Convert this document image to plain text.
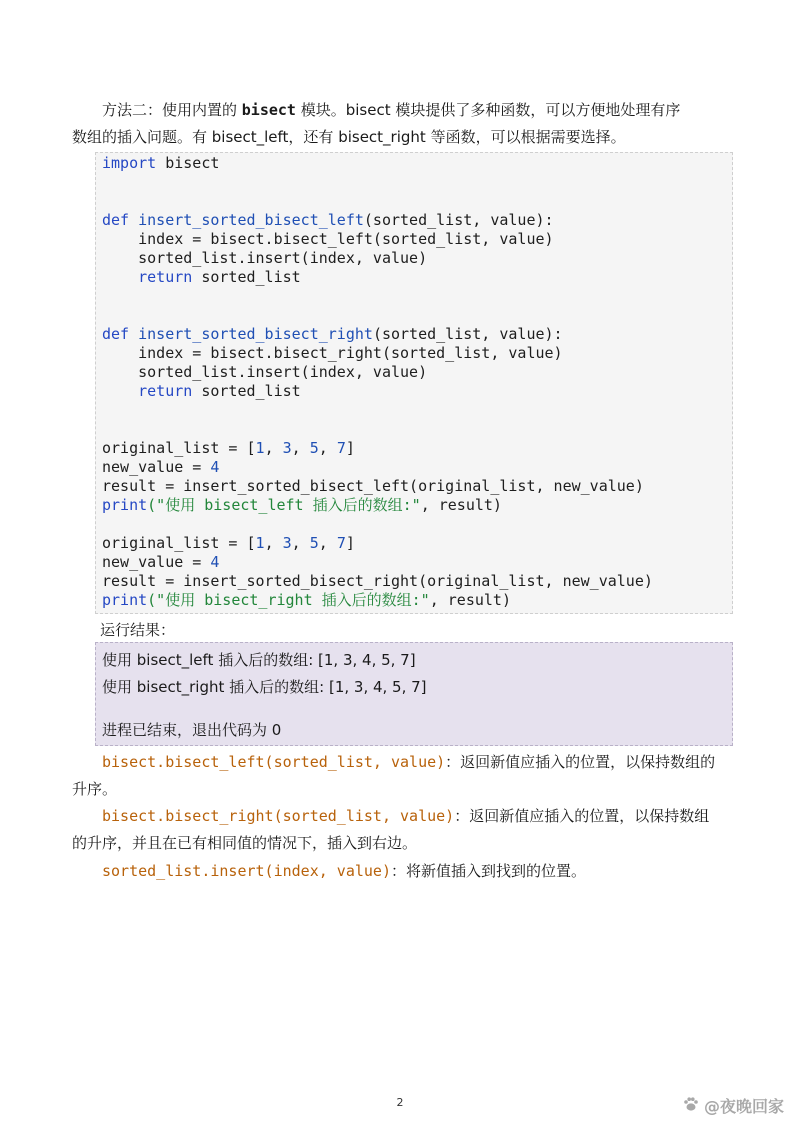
方法二：使用内置的 bisect 模块。bisect 模块提供了多种函数，可以方便地处理有序

数组的插入问题。有 bisect_left，还有 bisect_right 等函数，可以根据需要选择。

import bisect
def insert_sorted_bisect_left(sorted_list, value):
index = bisect.bisect_left(sorted_list, value)
sorted_list.insert(index, value)
return sorted_list
def insert_sorted_bisect_right(sorted_list, value):
index = bisect.bisect_right(sorted_list, value)
sorted_list.insert(index, value)
return sorted_list
original_list = [1, 3, 5, 7]
new_value = 4
result = insert_sorted_bisect_left(original_list, new_value)
print("使用 bisect_left 插入后的数组:", result)
original_list = [1, 3, 5, 7]
new_value = 4
result = insert_sorted_bisect_right(original_list, new_value)
print("使用 bisect_right 插入后的数组:", result)
运行结果：
使用 bisect_left 插入后的数组: [1, 3, 4, 5, 7]
使用 bisect_right 插入后的数组: [1, 3, 4, 5, 7]
进程已结束，退出代码为 0

bisect.bisect_left(sorted_list, value)：返回新值应插入的位置，以保持数组的

升序。

bisect.bisect_right(sorted_list, value)：返回新值应插入的位置，以保持数组

的升序，并且在已有相同值的情况下，插入到右边。

sorted_list.insert(index, value)：将新值插入到找到的位置。

2	@夜晚回家
